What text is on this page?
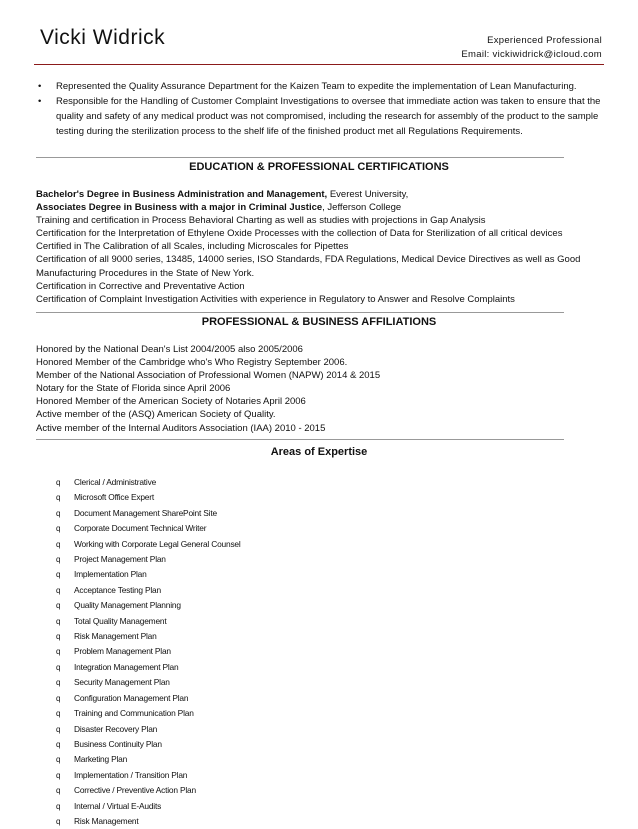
Vicki Widrick	Experienced Professional
Email: vickiwidrick@icloud.com
• Represented the Quality Assurance Department for the Kaizen Team to expedite the implementation of Lean Manufacturing.
• Responsible for the Handling of Customer Complaint Investigations to oversee that immediate action was taken to ensure that the quality and safety of any medical product was not compromised, including the research for assembly of the product to the sample testing during the sterilization process to the shelf life of the finished product met all Regulations Requirements.
EDUCATION & PROFESSIONAL CERTIFICATIONS
Bachelor's Degree in Business Administration and Management, Everest University,
Associates Degree in Business with a major in Criminal Justice, Jefferson College
Training and certification in Process Behavioral Charting as well as studies with projections in Gap Analysis
Certification for the Interpretation of Ethylene Oxide Processes with the collection of Data for Sterilization of all critical devices
Certified in The Calibration of all Scales, including Microscales for Pipettes
Certification of all 9000 series, 13485, 14000 series, ISO Standards, FDA Regulations, Medical Device Directives as well as Good
Manufacturing Procedures in the State of New York.
Certification in Corrective and Preventative Action
Certification of Complaint Investigation Activities with experience in Regulatory to Answer and Resolve Complaints
PROFESSIONAL & BUSINESS AFFILIATIONS
Honored by the National Dean's List 2004/2005 also 2005/2006
Honored Member of the Cambridge who's Who Registry September 2006.
Member of the National Association of Professional Women (NAPW) 2014 & 2015
Notary for the State of Florida since April 2006
Honored Member of the American Society of Notaries April 2006
Active member of the (ASQ) American Society of Quality.
Active member of the Internal Auditors Association (IAA) 2010 - 2015
Areas of Expertise
q Clerical / Administrative
q Microsoft Office Expert
q Document Management SharePoint Site
q Corporate Document Technical Writer
q Working with Corporate Legal General Counsel
q Project Management Plan
q Implementation Plan
q Acceptance Testing Plan
q Quality Management Planning
q Total Quality Management
q Risk Management Plan
q Problem Management Plan
q Integration Management Plan
q Security Management Plan
q Configuration Management Plan
q Training and Communication Plan
q Disaster Recovery Plan
q Business Continuity Plan
q Marketing Plan
q Implementation / Transition Plan
q Corrective / Preventive Action Plan
q Internal / Virtual E-Audits
q Risk Management
